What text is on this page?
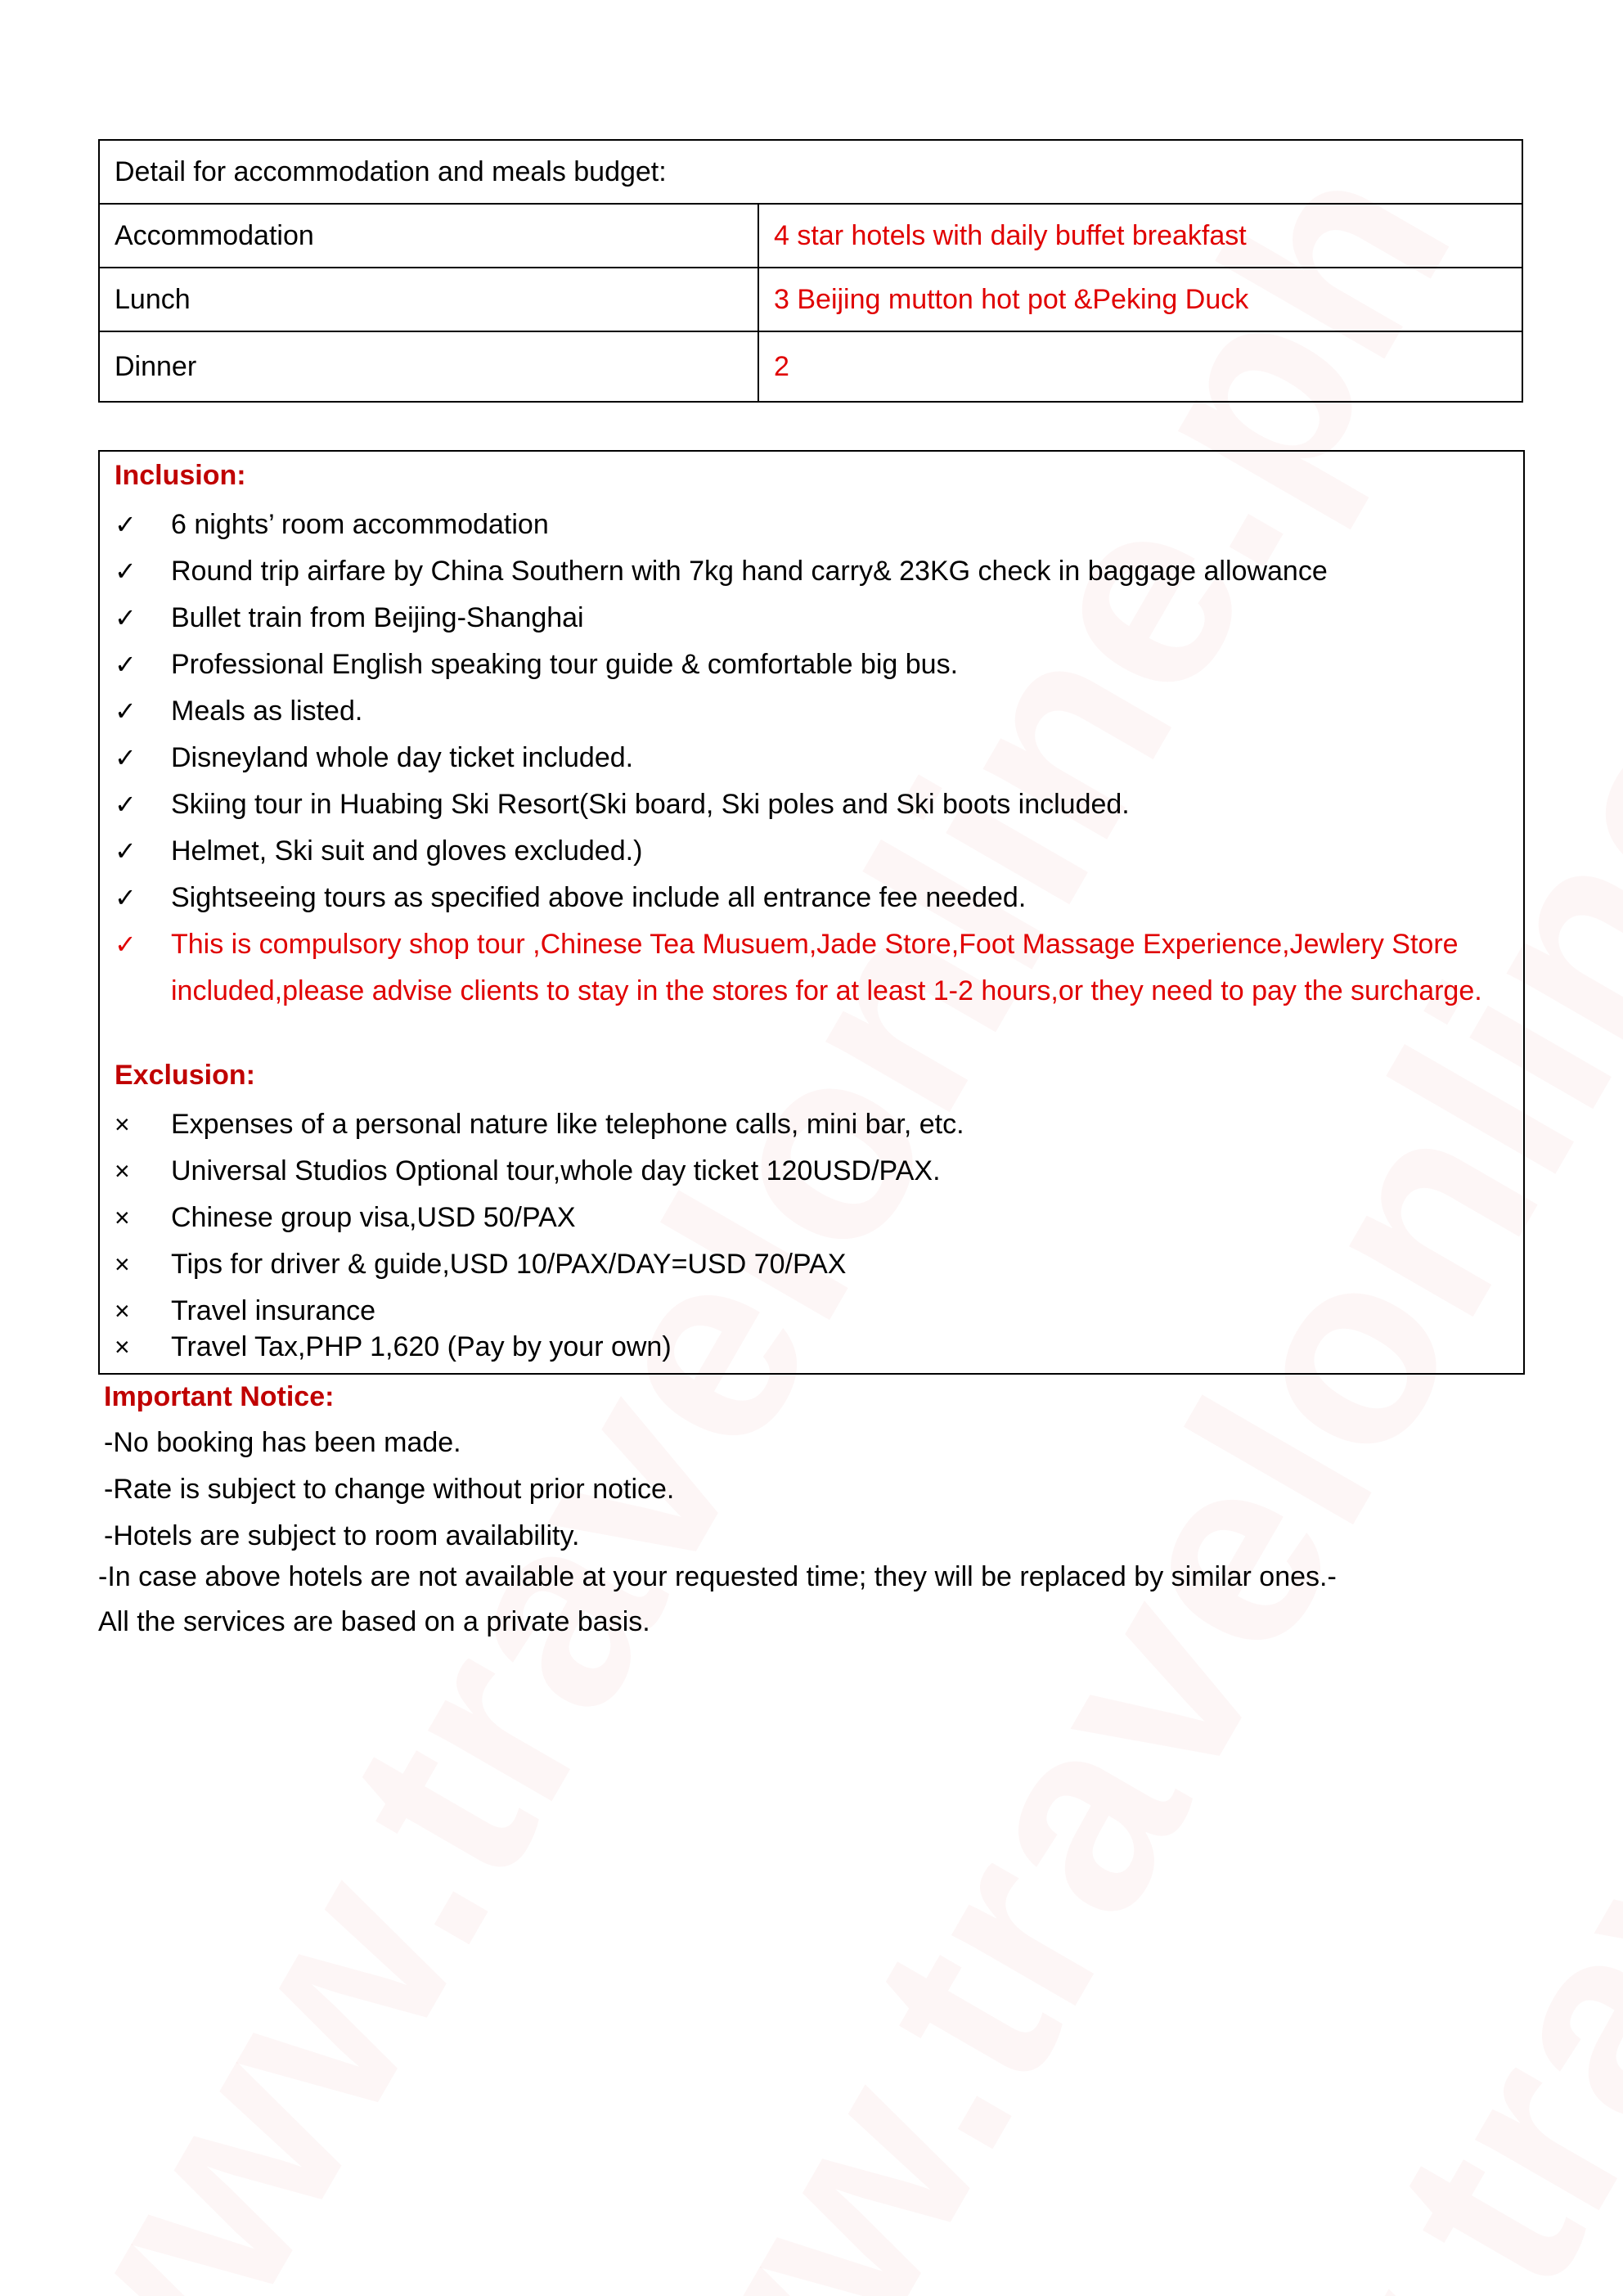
Detail for accommodation and meals budget:	
Accommodation	4 star hotels with daily buffet breakfast
Lunch	3 Beijing mutton hot pot &Peking Duck
Dinner	2
Inclusion:
✓	6 nights’ room accommodation
✓	Round trip airfare by China Southern with 7kg hand carry& 23KG check in baggage allowance
✓	Bullet train from Beijing-Shanghai
✓	Professional English speaking tour guide & comfortable big bus.
✓	Meals as listed.
✓	Disneyland whole day ticket included.
✓	Skiing tour in Huabing Ski Resort(Ski board, Ski poles and Ski boots included.
✓	Helmet, Ski suit and gloves excluded.)
✓	Sightseeing tours as specified above include all entrance fee needed.
✓	This is compulsory shop tour ,Chinese Tea Musuem,Jade Store,Foot Massage Experience,Jewlery Store included,please advise clients to stay in the stores for at least 1-2 hours,or they need to pay the surcharge.
Exclusion:
×	Expenses of a personal nature like telephone calls, mini bar, etc.
×	Universal Studios Optional tour,whole day ticket 120USD/PAX.
×	Chinese group visa,USD 50/PAX
×	Tips for driver & guide,USD 10/PAX/DAY=USD 70/PAX
×	Travel insurance
×	Travel Tax,PHP 1,620 (Pay by your own)
Important Notice:
-No booking has been made.
-Rate is subject to change without prior notice.
-Hotels are subject to room availability.
-In case above hotels are not available at your requested time; they will be replaced by similar ones.-
All the services are based on a private basis.
